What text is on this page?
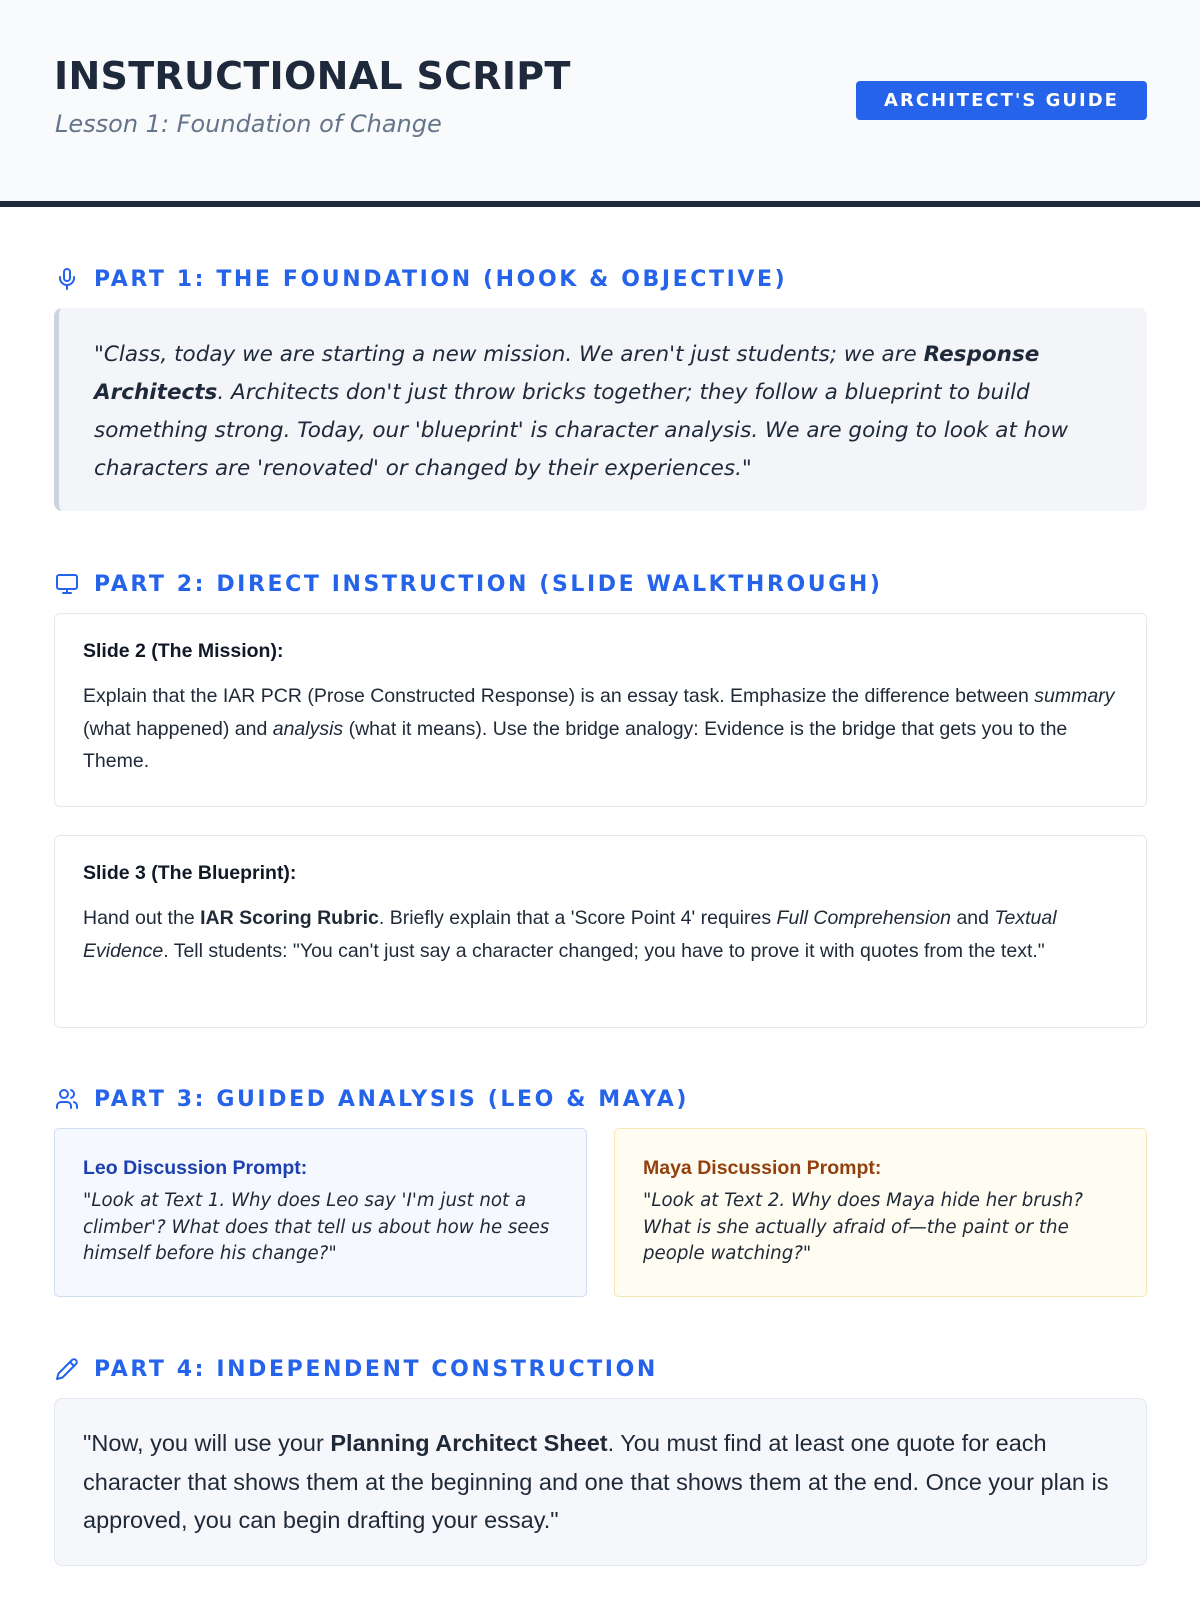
INSTRUCTIONAL SCRIPT
Lesson 1: Foundation of Change
ARCHITECT'S GUIDE
PART 1: THE FOUNDATION (HOOK & OBJECTIVE)

"Class, today we are starting a new mission. We aren't just students; we are Response Architects. Architects don't just throw bricks together; they follow a blueprint to build something strong. Today, our 'blueprint' is character analysis. We are going to look at how characters are 'renovated' or changed by their experiences."

PART 2: DIRECT INSTRUCTION (SLIDE WALKTHROUGH)
Slide 2 (The Mission):
Explain that the IAR PCR (Prose Constructed Response) is an essay task. Emphasize the difference between summary (what happened) and analysis (what it means). Use the bridge analogy: Evidence is the bridge that gets you to the Theme.
Slide 3 (The Blueprint):
Hand out the IAR Scoring Rubric. Briefly explain that a 'Score Point 4' requires Full Comprehension and Textual Evidence. Tell students: "You can't just say a character changed; you have to prove it with quotes from the text."
PART 3: GUIDED ANALYSIS (LEO & MAYA)
Leo Discussion Prompt:
"Look at Text 1. Why does Leo say 'I'm just not a climber'? What does that tell us about how he sees himself before his change?"
Maya Discussion Prompt:
"Look at Text 2. Why does Maya hide her brush? What is she actually afraid of—the paint or the people watching?"
PART 4: INDEPENDENT CONSTRUCTION

"Now, you will use your Planning Architect Sheet. You must find at least one quote for each character that shows them at the beginning and one that shows them at the end. Once your plan is approved, you can begin drafting your essay."
